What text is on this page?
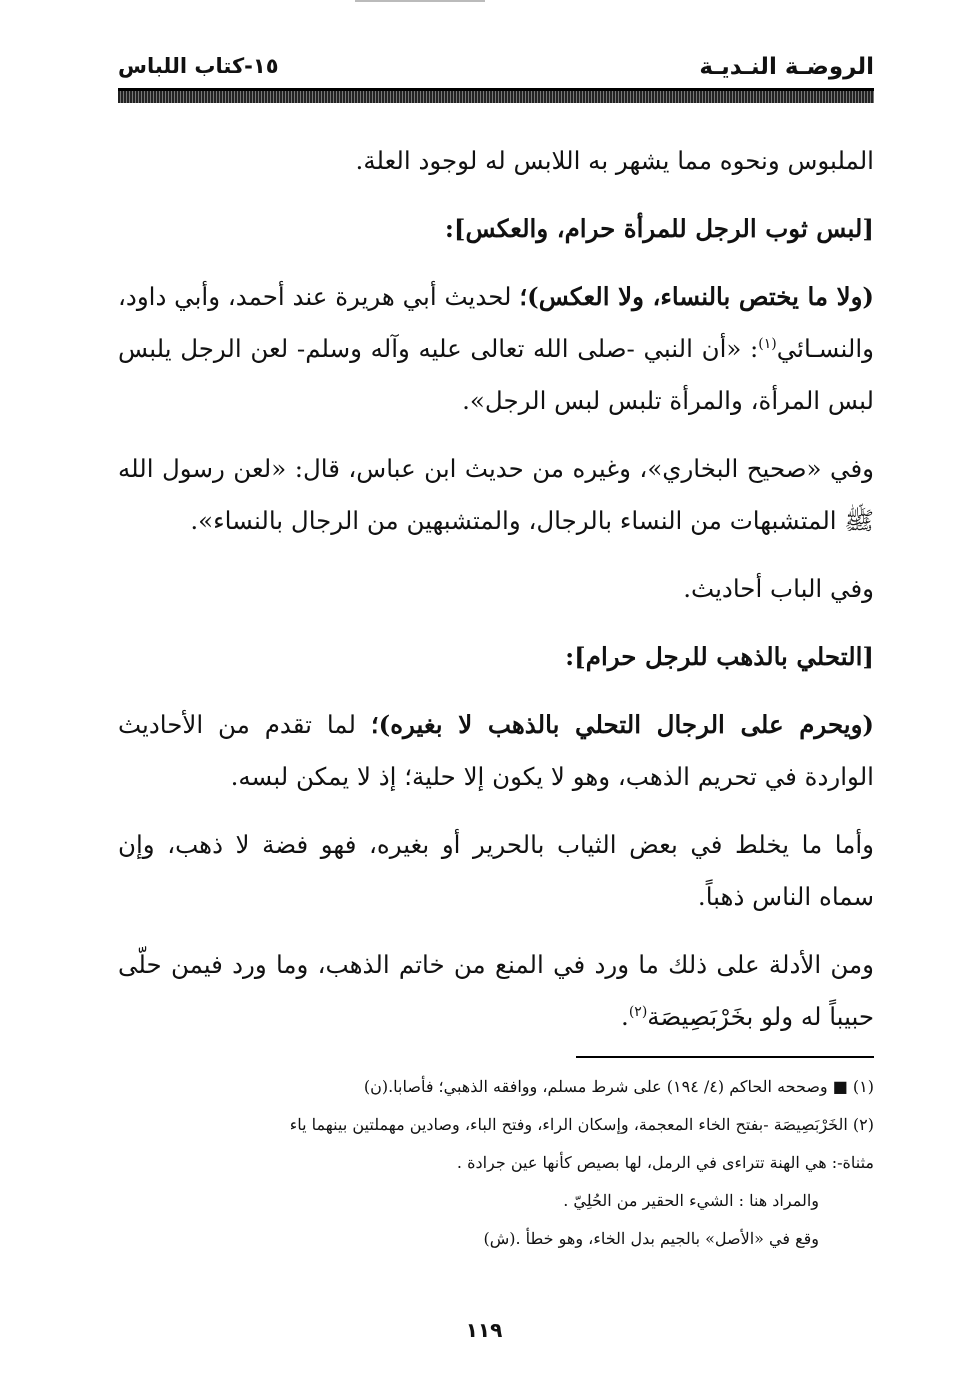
الروضـة النـديـة
١٥-كتاب اللباس

الملبوس ونحوه مما يشهر به اللابس له لوجود العلة.

[لبس ثوب الرجل للمرأة حرام، والعكس]:

(ولا ما يختص بالنساء، ولا العكس)؛ لحديث أبي هريرة عند أحمد، وأبي داود، والنسـائي$^{(١)}$: «أن النبي -صلى الله تعالى عليه وآله وسلم- لعن الرجل يلبس لبس المرأة، والمرأة تلبس لبس الرجل».

وفي «صحيح البخاري»، وغيره من حديث ابن عباس، قال: «لعن رسول الله ﷺ المتشبهات من النساء بالرجال، والمتشبهين من الرجال بالنساء».

وفي الباب أحاديث.

[التحلي بالذهب للرجل حرام]:

(ويحرم على الرجال التحلي بالذهب لا بغيره)؛ لما تقدم من الأحاديث الواردة في تحريم الذهب، وهو لا يكون إلا حلية؛ إذ لا يمكن لبسه.

وأما ما يخلط في بعض الثياب بالحرير أو بغيره، فهو فضة لا ذهب، وإن سماه الناس ذهباً.

ومن الأدلة على ذلك ما ورد في المنع من خاتم الذهب، وما ورد فيمن حلّى حبيباً له ولو بخَرْبَصِيصَة$^{(٢)}$.

(١) ■ وصححه الحاكم (٤/ ١٩٤) على شرط مسلم، ووافقه الذهبي؛ فأصابا.(ن)

(٢) الخَرْبَصِيصَة -بفتح الخاء المعجمة، وإسكان الراء، وفتح الباء، وصادين مهملتين بينهما ياء

مثناة-: هي الهنة تتراءى في الرمل، لها بصيص كأنها عين جرادة .

والمراد هنا : الشيء الحقير من الحُلِيّ .

وقع في «الأصل» بالجيم بدل الخاء، وهو خطأ .(ش)

١١٩
